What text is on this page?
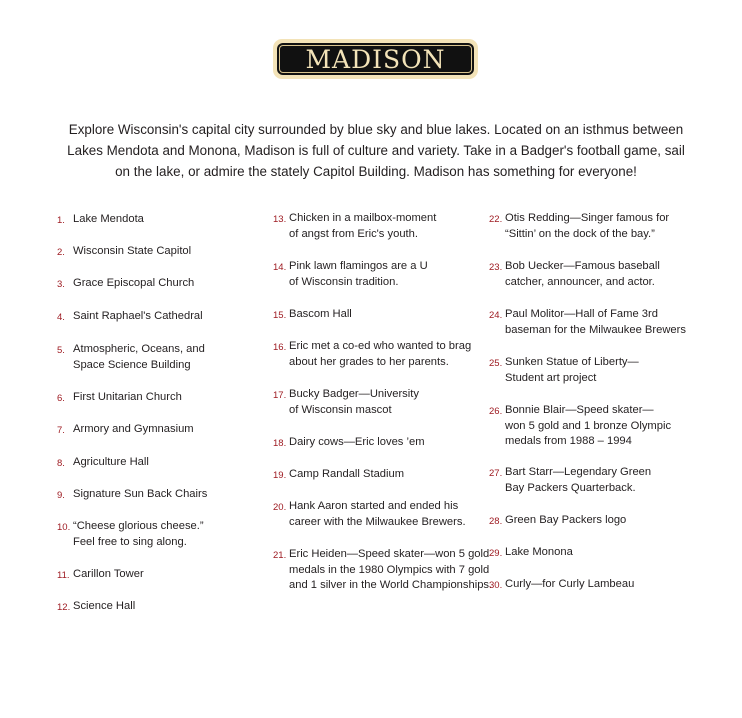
MADISON
Explore Wisconsin's capital city surrounded by blue sky and blue lakes. Located on an isthmus between Lakes Mendota and Monona, Madison is full of culture and variety. Take in a Badger's football game, sail on the lake, or admire the stately Capitol Building. Madison has something for everyone!
1. Lake Mendota
2. Wisconsin State Capitol
3. Grace Episcopal Church
4. Saint Raphael's Cathedral
5. Atmospheric, Oceans, and
Space Science Building
6. First Unitarian Church
7. Armory and Gymnasium
8. Agriculture Hall
9. Signature Sun Back Chairs
10. “Cheese glorious cheese.”
Feel free to sing along.
11. Carillon Tower
12. Science Hall
13. Chicken in a mailbox-moment
of angst from Eric's youth.
14. Pink lawn flamingos are a U
of Wisconsin tradition.
15. Bascom Hall
16. Eric met a co-ed who wanted to brag
about her grades to her parents.
17. Bucky Badger—University
of Wisconsin mascot
18. Dairy cows—Eric loves ’em
19. Camp Randall Stadium
20. Hank Aaron started and ended his
career with the Milwaukee Brewers.
21. Eric Heiden—Speed skater—won 5 gold
medals in the 1980 Olympics with 7 gold
and 1 silver in the World Championships.
22. Otis Redding—Singer famous for
“Sittin’ on the dock of the bay.”
23. Bob Uecker—Famous baseball
catcher, announcer, and actor.
24. Paul Molitor—Hall of Fame 3rd
baseman for the Milwaukee Brewers
25. Sunken Statue of Liberty—
Student art project
26. Bonnie Blair—Speed skater—
won 5 gold and 1 bronze Olympic
medals from 1988 – 1994
27. Bart Starr—Legendary Green
Bay Packers Quarterback.
28. Green Bay Packers logo
29. Lake Monona
30. Curly—for Curly Lambeau
